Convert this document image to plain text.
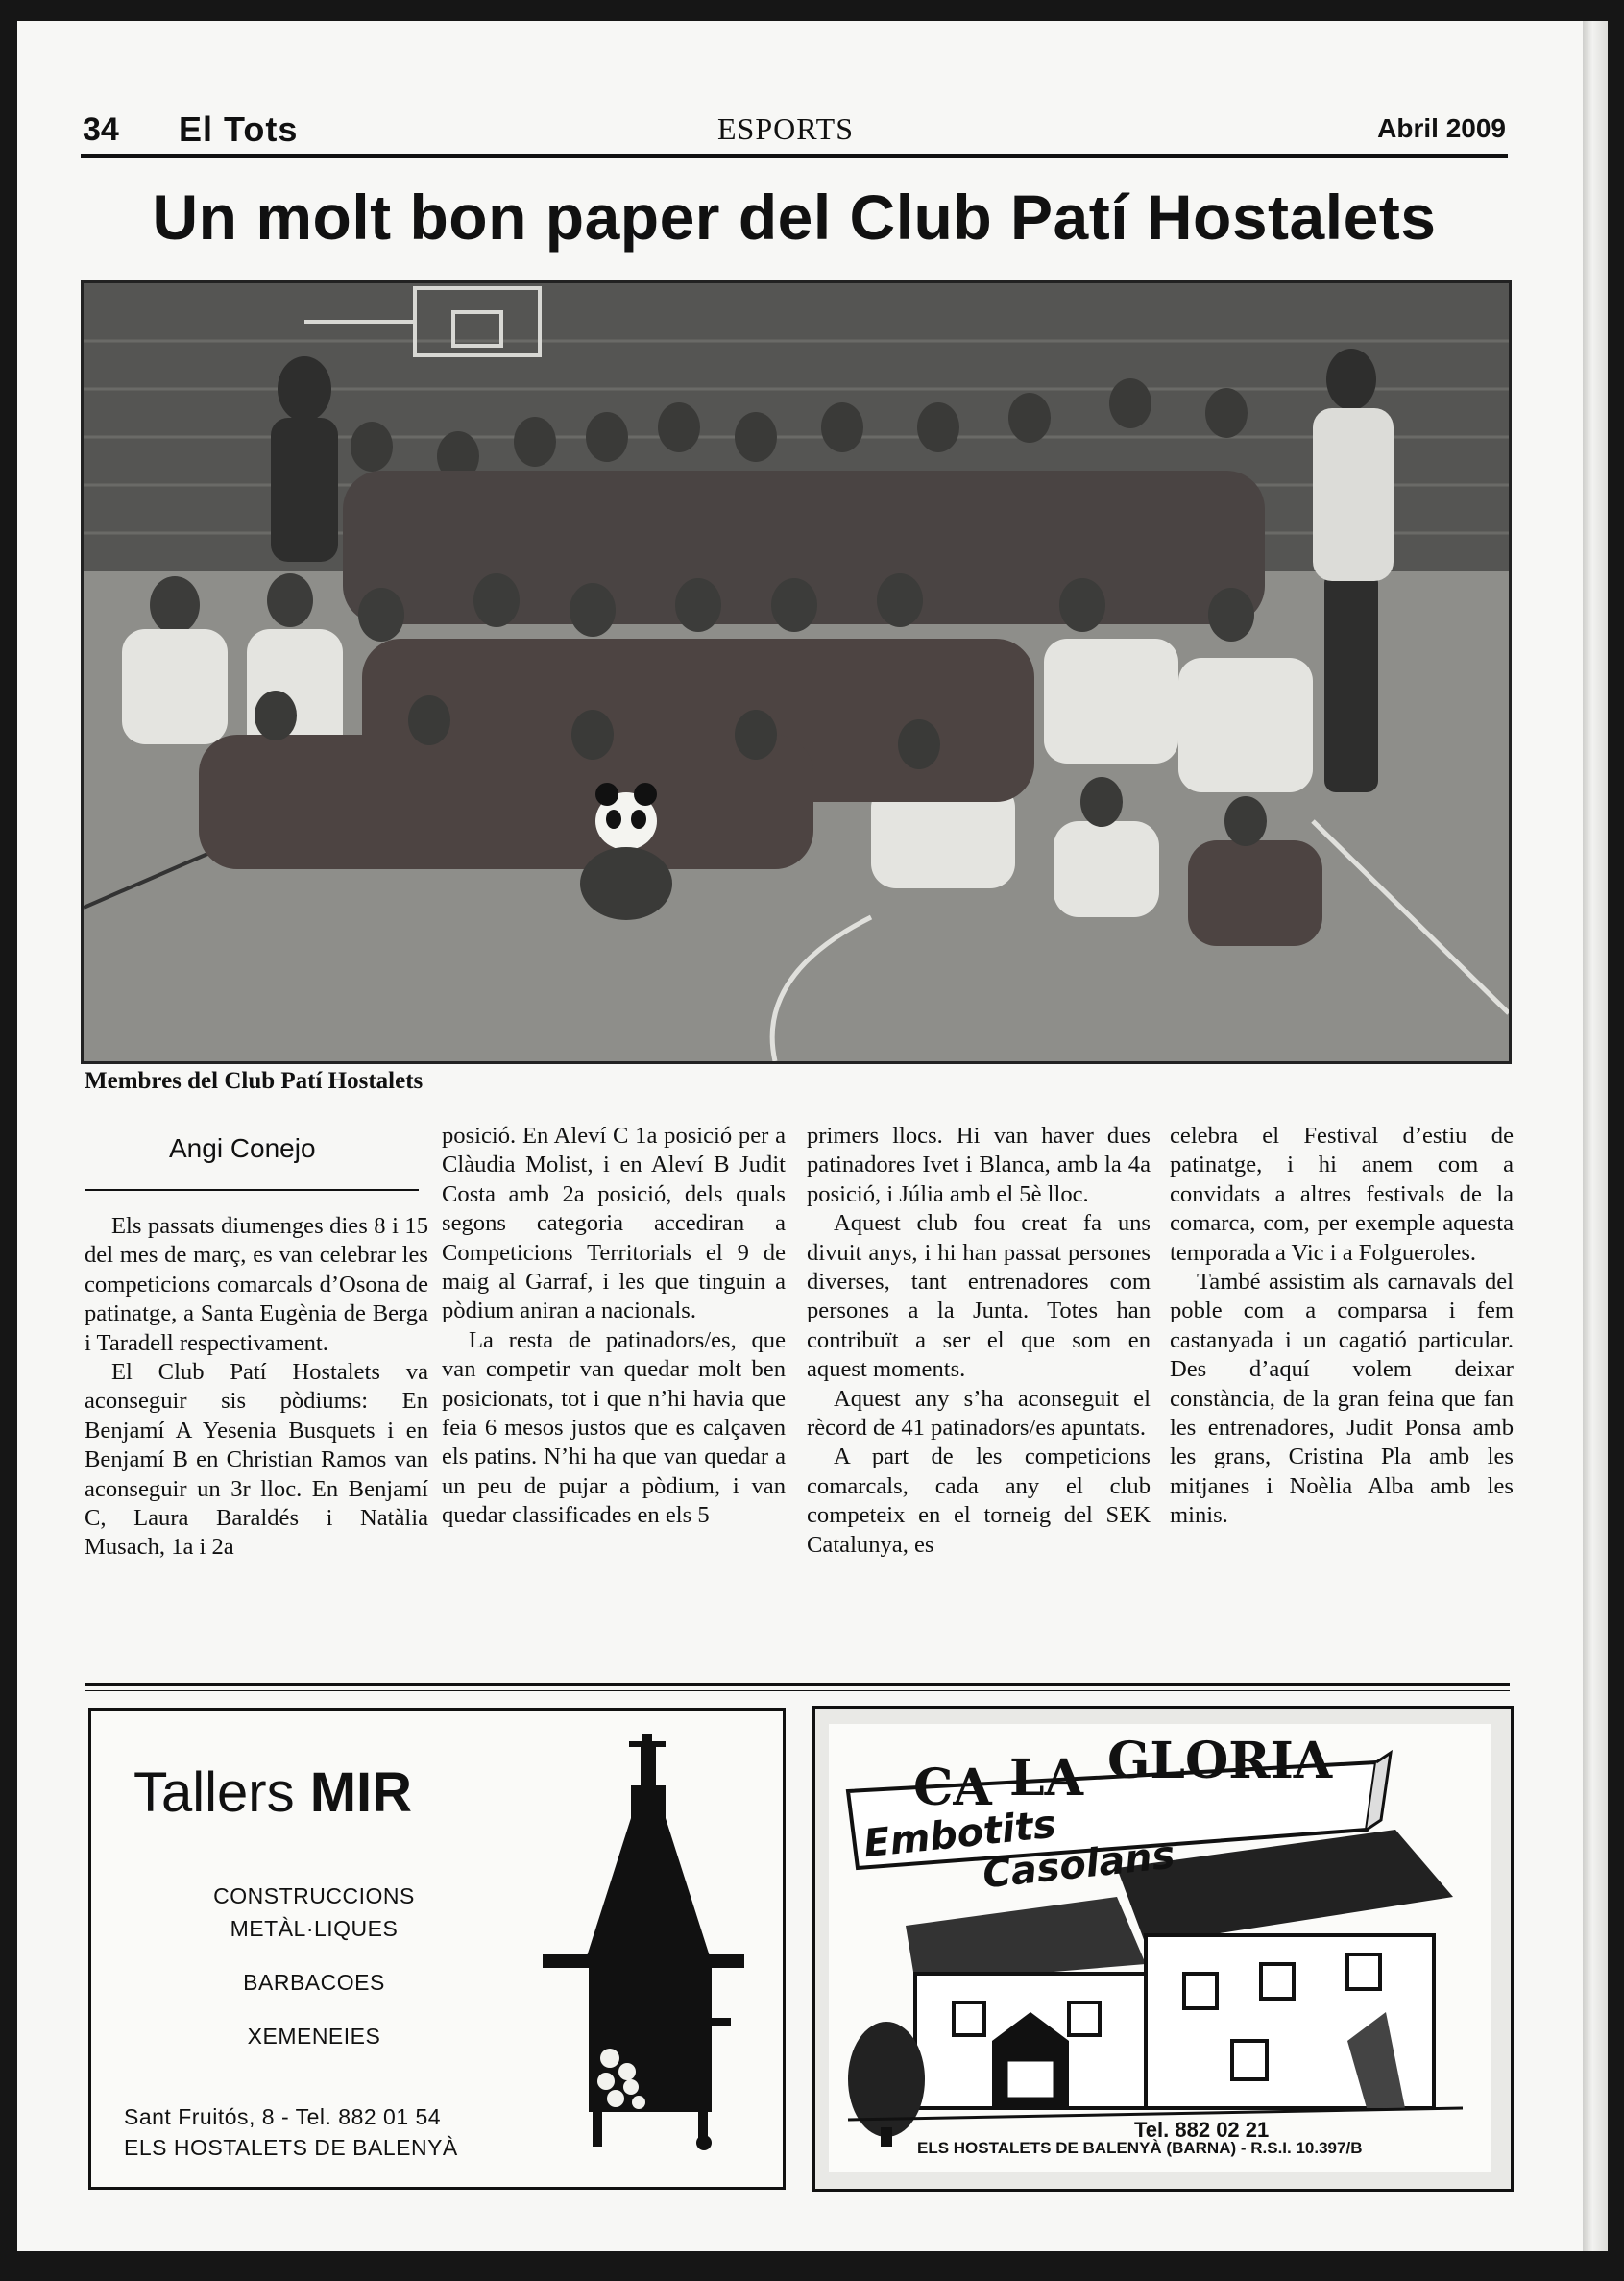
34 El Tots	ESPORTS	Abril 2009
Un molt bon paper del Club Patí Hostalets
Membres del Club Patí Hostalets
Angi Conejo

Els passats diumenges dies 8 i 15 del mes de març, es van celebrar les competicions comarcals d’Osona de patinatge, a Santa Eugènia de Berga i Taradell respectivament.

El Club Patí Hostalets va aconseguir sis pòdiums: En Benjamí A Yesenia Busquets i en Benjamí B en Christian Ramos van aconseguir un 3r lloc. En Benjamí C, Laura Baraldés i Natàlia Musach, 1a i 2a

posició. En Aleví C 1a posició per a Clàudia Molist, i en Aleví B Judit Costa amb 2a posició, dels quals segons categoria accediran a Competicions Territorials el 9 de maig al Garraf, i les que tinguin a pòdium aniran a nacionals.

La resta de patinadors/es, que van competir van quedar molt ben posicionats, tot i que n’hi havia que feia 6 mesos justos que es calçaven els patins. N’hi ha que van quedar a un peu de pujar a pòdium, i van quedar classificades en els 5

primers llocs. Hi van haver dues patinadores Ivet i Blanca, amb la 4a posició, i Júlia amb el 5è lloc.

Aquest club fou creat fa uns divuit anys, i hi han passat persones diverses, tant entrenadores com persones a la Junta. Totes han contribuït a ser el que som en aquest moments.

Aquest any s’ha aconseguit el rècord de 41 patinadors/es apuntats.

A part de les competicions comarcals, cada any el club competeix en el torneig del SEK Catalunya, es

celebra el Festival d’estiu de patinatge, i hi anem com a convidats a altres festivals de la comarca, com, per exemple aquesta temporada a Vic i a Folgueroles.

També assistim als carnavals del poble com a comparsa i fem castanyada i un cagatió particular. Des d’aquí volem deixar constància, de la gran feina que fan les entrenadores, Judit Ponsa amb les grans, Cristina Pla amb les mitjanes i Noèlia Alba amb les minis.

Tallers MIR
CONSTRUCCIONS
METÀL·LIQUES
BARBACOES
XEMENEIES
Sant Fruitós, 8 - Tel. 882 01 54
ELS HOSTALETS DE BALENYÀ
CA LA GLORIA
Embotits
Casolans
Tel. 882 02 21
ELS HOSTALETS DE BALENYÀ (BARNA) - R.S.I. 10.397/B
